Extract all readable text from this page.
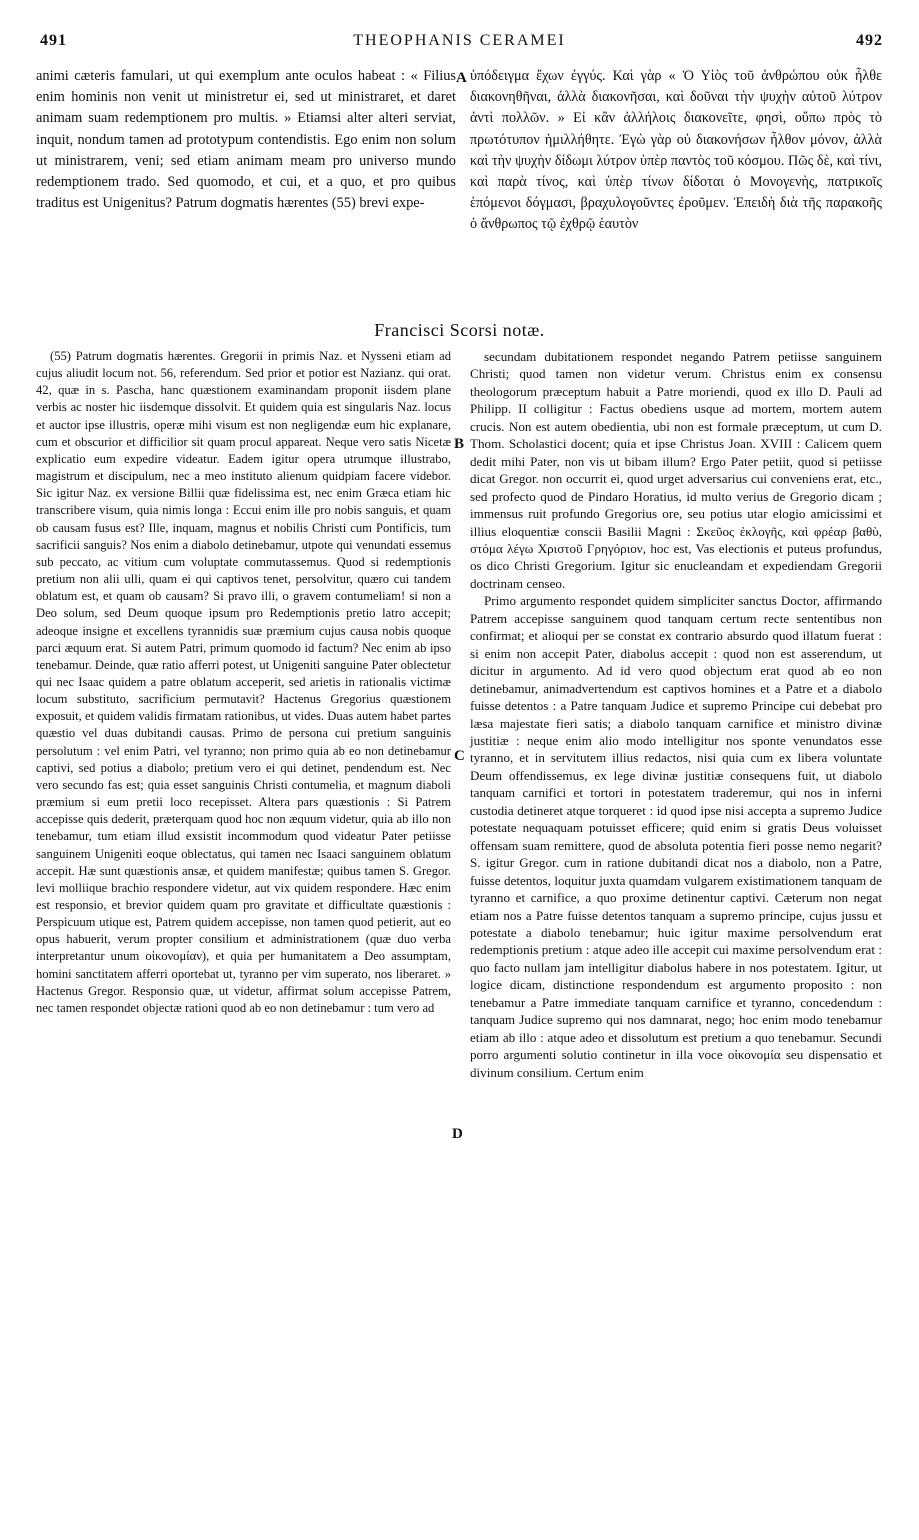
491	THEOPHANIS CERAMEI	492

animi cæteris famulari, ut qui exemplum ante oculos habeat : « Filius enim hominis non venit ut ministretur ei, sed ut ministraret, et daret animam suam redemptionem pro multis. » Etiamsi alter alteri serviat, inquit, nondum tamen ad prototypum contendistis. Ego enim non solum ut ministrarem, veni; sed etiam animam meam pro universo mundo redemptionem trado. Sed quomodo, et cui, et a quo, et pro quibus traditus est Unigenitus? Patrum dogmatis hærentes (55) brevi expe-

A ὑπόδειγμα ἔχων ἐγγύς. Καὶ γὰρ « Ὁ Υἱὸς τοῦ ἀνθρώπου οὐκ ἦλθε διακονηθῆναι, ἀλλὰ διακονῆσαι, καὶ δοῦναι τὴν ψυχὴν αὐτοῦ λύτρον ἀντὶ πολλῶν. » Εἰ κἂν ἀλλήλοις διακονεῖτε, φησὶ, οὔπω πρὸς τὸ πρωτότυπον ἡμιλλήθητε. Ἐγὼ γὰρ οὐ διακονήσων ἦλθον μόνον, ἀλλὰ καὶ τὴν ψυχὴν δίδωμι λύτρον ὑπὲρ παντὸς τοῦ κόσμου. Πῶς δὲ, καὶ τίνι, καὶ παρὰ τίνος, καὶ ὑπὲρ τίνων δίδοται ὁ Μονογενὴς, πατρικοῖς ἑπόμενοι δόγμασι, βραχυλογοῦντες ἐροῦμεν. Ἐπειδὴ διὰ τῆς παρακοῆς ὁ ἄνθρωπος τῷ ἐχθρῷ ἑαυτὸν

Francisci Scorsi notæ.

(55) Patrum dogmatis hærentes. Gregorii in primis Naz. et Nysseni etiam ad cujus aliudit locum not. 56, referendum. Sed prior et potior est Nazianz. qui orat. 42, quæ in s. Pascha, hanc quæstionem examinandam proponit iisdem plane verbis ac noster hic iisdemque dissolvit. Et quidem quia est singularis Naz. locus et auctor ipse illustris, operæ mihi visum est non negligendæ eum hic explanare, cum et obscurior et difficilior sit quam procul appareat. Neque vero satis Nicetæ explicatio eum expedire videatur. Eadem igitur opera utrumque illustrabo, magistrum et discipulum, nec a meo instituto alienum quidpiam facere videbor. Sic igitur Naz. ex versione Billii quæ fidelissima est, nec enim Græca etiam hic transcribere visum, quia nimis longa : Eccui enim ille pro nobis sanguis, et quam ob causam fusus est? Ille, inquam, magnus et nobilis Christi cum Pontificis, tum sacrificii sanguis? Nos enim a diabolo detinebamur, utpote qui venundati essemus sub peccato, ac vitium cum voluptate commutassemus. Quod si redemptionis pretium non alii ulli, quam ei qui captivos tenet, persolvitur, quæro cui tandem oblatum est, et quam ob causam? Si pravo illi, o gravem contumeliam! si non a Deo solum, sed Deum quoque ipsum pro Redemptionis pretio latro accepit; adeoque insigne et excellens tyrannidis suæ præmium cujus causa nobis quoque parci æquum erat. Si autem Patri, primum quomodo id factum? Nec enim ab ipso tenebamur. Deinde, quæ ratio afferri potest, ut Unigeniti sanguine Pater oblectetur qui nec Isaac quidem a patre oblatum acceperit, sed arietis in rationalis victimæ locum substituto, sacrificium permutavit? Hactenus Gregorius quæstionem exposuit, et quidem validis firmatam rationibus, ut vides. Duas autem habet partes quæstio vel duas dubitandi causas. Primo de persona cui pretium sanguinis persolutum : vel enim Patri, vel tyranno; non primo quia ab eo non detinebamur captivi, sed potius a diabolo; pretium vero ei qui detinet, pendendum est. Nec vero secundo fas est; quia esset sanguinis Christi contumelia, et magnum diaboli præmium si eum pretii loco recepisset. Altera pars quæstionis : Si Patrem accepisse quis dederit, præterquam quod hoc non æquum videtur, quia ab illo non tenebamur, tum etiam illud exsistit incommodum quod videatur Pater petiisse sanguinem Unigeniti eoque oblectatus, qui tamen nec Isaaci sanguinem oblatum accepit. Hæ sunt quæstionis ansæ, et quidem manifestæ; quibus tamen S. Gregor. levi molliique brachio respondere videtur, aut vix quidem respondere. Hæc enim est responsio, et brevior quidem quam pro gravitate et difficultate quæstionis : Perspicuum utique est, Patrem quidem accepisse, non tamen quod petierit, aut eo opus habuerit, verum propter consilium et administrationem (quæ duo verba interpretantur unum οἰκονομίαν), et quia per humanitatem a Deo assumptam, homini sanctitatem afferri oportebat ut, tyranno per vim superato, nos liberaret. » Hactenus Gregor. Responsio quæ, ut videtur, affirmat solum accepisse Patrem, nec tamen respondet objectæ rationi quod ab eo non detinebamur : tum vero ad

B
C
D

secundam dubitationem respondet negando Patrem petiisse sanguinem Christi; quod tamen non videtur verum. Christus enim ex consensu theologorum præceptum habuit a Patre moriendi, quod ex illo D. Pauli ad Philipp. II colligitur : Factus obediens usque ad mortem, mortem autem crucis. Non est autem obedientia, ubi non est formale præceptum, ut cum D. Thom. Scholastici docent; quia et ipse Christus Joan. XVIII : Calicem quem dedit mihi Pater, non vis ut bibam illum? Ergo Pater petiit, quod si petiisse dicat Gregor. non occurrit ei, quod urget adversarius cui conveniens erat, etc., sed profecto quod de Pindaro Horatius, id multo verius de Gregorio dicam ; immensus ruit profundo Gregorius ore, seu potius utar elogio amicissimi et illius eloquentiæ conscii Basilii Magni : Σκεῦος ἐκλογῆς, καὶ φρέαρ βαθὺ, στόμα λέγω Χριστοῦ Γρηγόριον, hoc est, Vas electionis et puteus profundus, os dico Christi Gregorium. Igitur sic enucleandam et expediendam Gregorii doctrinam censeo.

Primo argumento respondet quidem simpliciter sanctus Doctor, affirmando Patrem accepisse sanguinem quod tanquam certum recte sententibus non confirmat; et alioqui per se constat ex contrario absurdo quod illatum fuerat : si enim non accepit Pater, diabolus accepit : quod non est asserendum, ut dicitur in argumento. Ad id vero quod objectum erat quod ab eo non detinebamur, animadvertendum est captivos homines et a Patre et a diabolo fuisse detentos : a Patre tanquam Judice et supremo Principe cui debebat pro læsa majestate fieri satis; a diabolo tanquam carnifice et ministro divinæ justitiæ : neque enim alio modo intelligitur nos sponte venundatos esse tyranno, et in servitutem illius redactos, nisi quia cum ex libera voluntate Deum offendissemus, ex lege divinæ justitiæ consequens fuit, ut diabolo tanquam carnifici et tortori in potestatem traderemur, qui nos in inferni custodia detineret atque torqueret : id quod ipse nisi accepta a supremo Judice potestate nequaquam potuisset efficere; quid enim si gratis Deus voluisset offensam suam remittere, quod de absoluta potentia fieri posse nemo negarit? S. igitur Gregor. cum in ratione dubitandi dicat nos a diabolo, non a Patre, fuisse detentos, loquitur juxta quamdam vulgarem existimationem tanquam de tyranno et carnifice, a quo proxime detinentur captivi. Cæterum non negat etiam nos a Patre fuisse detentos tanquam a supremo principe, cujus jussu et potestate a diabolo tenebamur; huic igitur maxime persolvendum erat redemptionis pretium : atque adeo ille accepit cui maxime persolvendum erat : quo facto nullam jam intelligitur diabolus habere in nos potestatem. Igitur, ut logice dicam, distinctione respondendum est argumento proposito : non tenebamur a Patre immediate tanquam carnifice et tyranno, concedendum : tanquam Judice supremo qui nos damnarat, nego; hoc enim modo tenebamur etiam ab illo : atque adeo et dissolutum est pretium a quo tenebamur. Secundi porro argumenti solutio continetur in illa voce οἰκονομία seu dispensatio et divinum consilium. Certum enim
